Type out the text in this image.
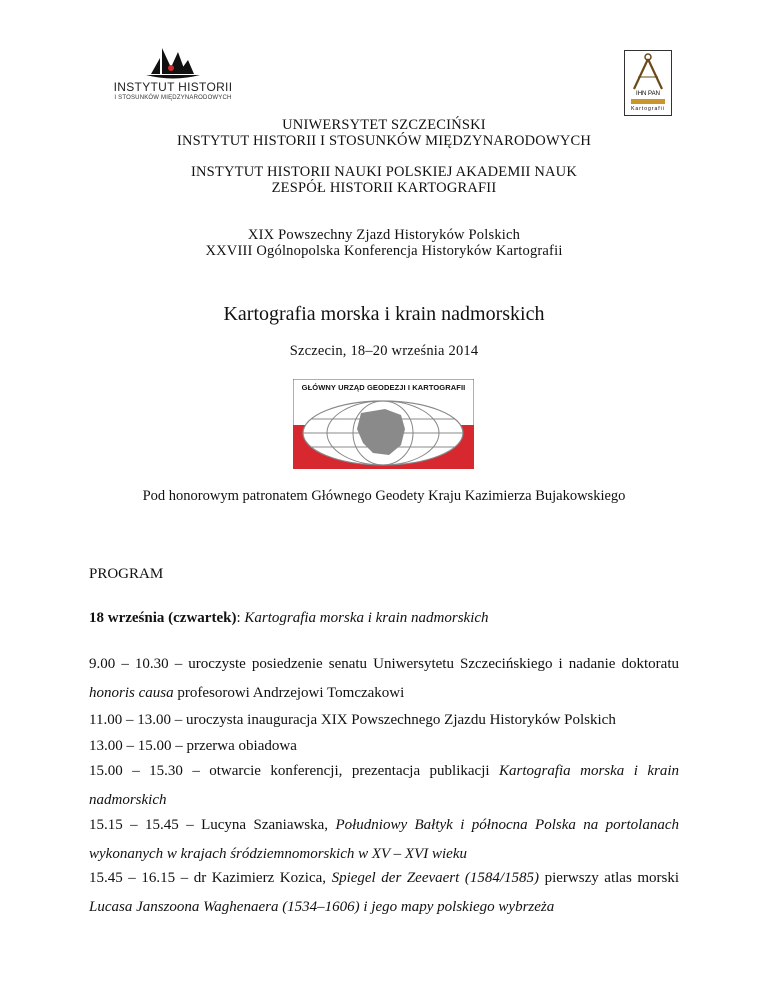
INSTYTUT HISTORII
I STOSUNKÓW MIĘDZYNARODOWYCH
IHN PAN
Kartografii
UNIWERSYTET SZCZECIŃSKI
INSTYTUT HISTORII I STOSUNKÓW MIĘDZYNARODOWYCH
INSTYTUT HISTORII NAUKI POLSKIEJ AKADEMII NAUK
ZESPÓŁ HISTORII KARTOGRAFII
XIX Powszechny Zjazd Historyków Polskich
XXVIII Ogólnopolska Konferencja Historyków Kartografii
Kartografia morska i krain nadmorskich
Szczecin, 18–20 września 2014
GŁÓWNY URZĄD GEODEZJI I KARTOGRAFII
Pod honorowym patronatem Głównego Geodety Kraju Kazimierza Bujakowskiego
PROGRAM
18 września (czwartek): Kartografia morska i krain nadmorskich
9.00 – 10.30 – uroczyste posiedzenie senatu Uniwersytetu Szczecińskiego i nadanie doktoratu
honoris causa profesorowi Andrzejowi Tomczakowi
11.00 – 13.00 – uroczysta inauguracja XIX Powszechnego Zjazdu Historyków Polskich
13.00 – 15.00 – przerwa obiadowa
15.00 – 15.30 – otwarcie konferencji, prezentacja publikacji Kartografia morska i krain
nadmorskich
15.15 – 15.45 – Lucyna Szaniawska, Południowy Bałtyk i północna Polska na portolanach
wykonanych w krajach śródziemnomorskich w XV – XVI wieku
15.45 – 16.15 – dr Kazimierz Kozica, Spiegel der Zeevaert (1584/1585) pierwszy atlas morski
Lucasa Janszoona Waghenaera (1534–1606) i jego mapy polskiego wybrzeża
